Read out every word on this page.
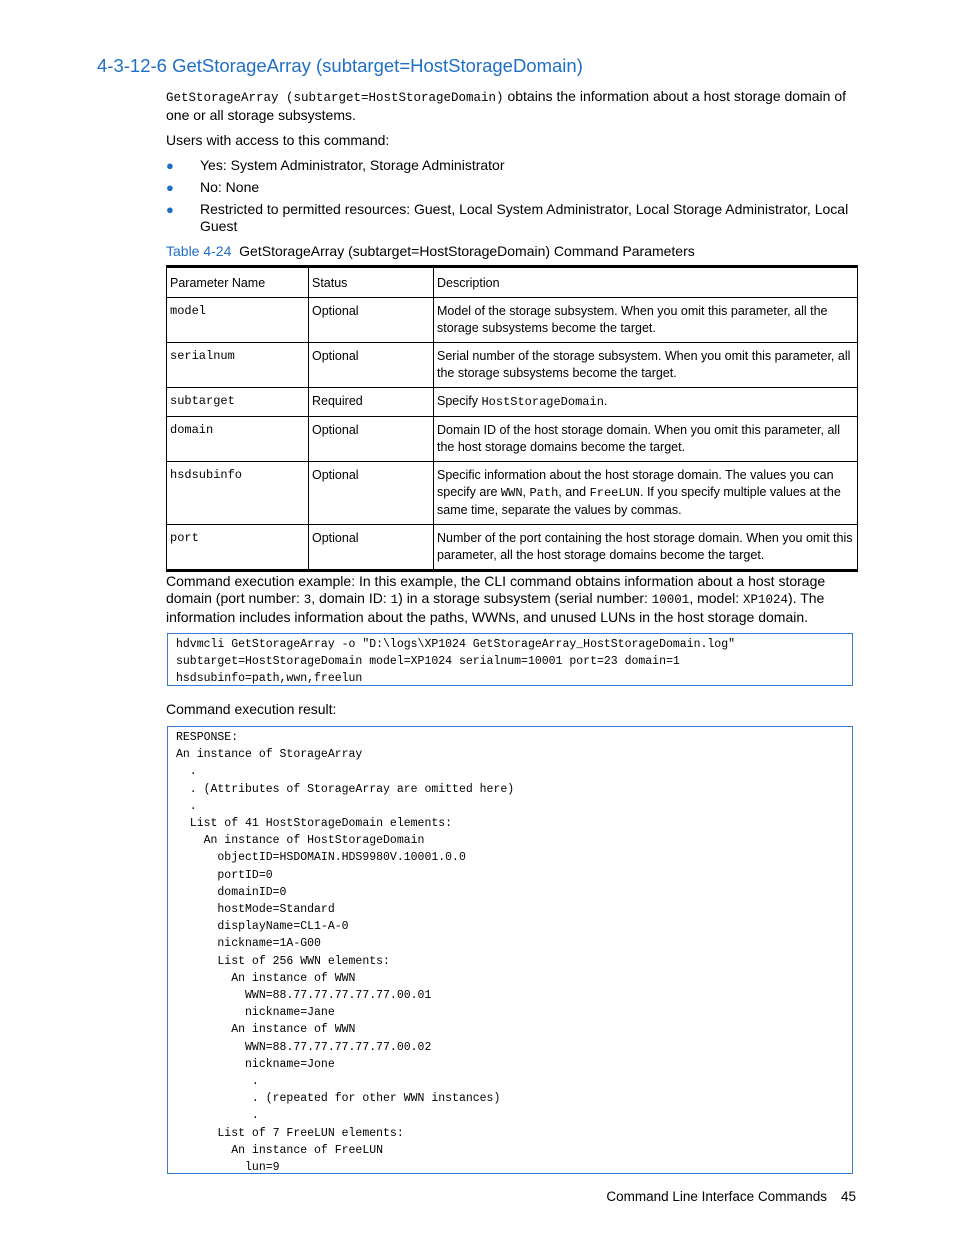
4-3-12-6 GetStorageArray (subtarget=HostStorageDomain)

GetStorageArray (subtarget=HostStorageDomain) obtains the information about a host storage domain of one or all storage subsystems.

Users with access to this command:

● Yes: System Administrator, Storage Administrator
● No: None
● Restricted to permitted resources: Guest, Local System Administrator, Local Storage Administrator, Local Guest

Table 4-24 GetStorageArray (subtarget=HostStorageDomain) Command Parameters

Parameter Name	Status	Description
model	Optional	Model of the storage subsystem. When you omit this parameter, all the storage subsystems become the target.
serialnum	Optional	Serial number of the storage subsystem. When you omit this parameter, all the storage subsystems become the target.
subtarget	Required	Specify HostStorageDomain.
domain	Optional	Domain ID of the host storage domain. When you omit this parameter, all the host storage domains become the target.
hsdsubinfo	Optional	Specific information about the host storage domain. The values you can specify are WWN, Path, and FreeLUN. If you specify multiple values at the same time, separate the values by commas.
port	Optional	Number of the port containing the host storage domain. When you omit this parameter, all the host storage domains become the target.

Command execution example: In this example, the CLI command obtains information about a host storage domain (port number: 3, domain ID: 1) in a storage subsystem (serial number: 10001, model: XP1024). The information includes information about the paths, WWNs, and unused LUNs in the host storage domain.

hdvmcli GetStorageArray -o "D:\logs\XP1024 GetStorageArray_HostStorageDomain.log"
subtarget=HostStorageDomain model=XP1024 serialnum=10001 port=23 domain=1
hsdsubinfo=path,wwn,freelun

Command execution result:

RESPONSE:
An instance of StorageArray
.
. (Attributes of StorageArray are omitted here)
.
List of 41 HostStorageDomain elements:
An instance of HostStorageDomain
objectID=HSDOMAIN.HDS9980V.10001.0.0
portID=0
domainID=0
hostMode=Standard
displayName=CL1-A-0
nickname=1A-G00
List of 256 WWN elements:
An instance of WWN
WWN=88.77.77.77.77.77.00.01
nickname=Jane
An instance of WWN
WWN=88.77.77.77.77.77.00.02
nickname=Jone
.
. (repeated for other WWN instances)
.
List of 7 FreeLUN elements:
An instance of FreeLUN
lun=9
Command Line Interface Commands 45
